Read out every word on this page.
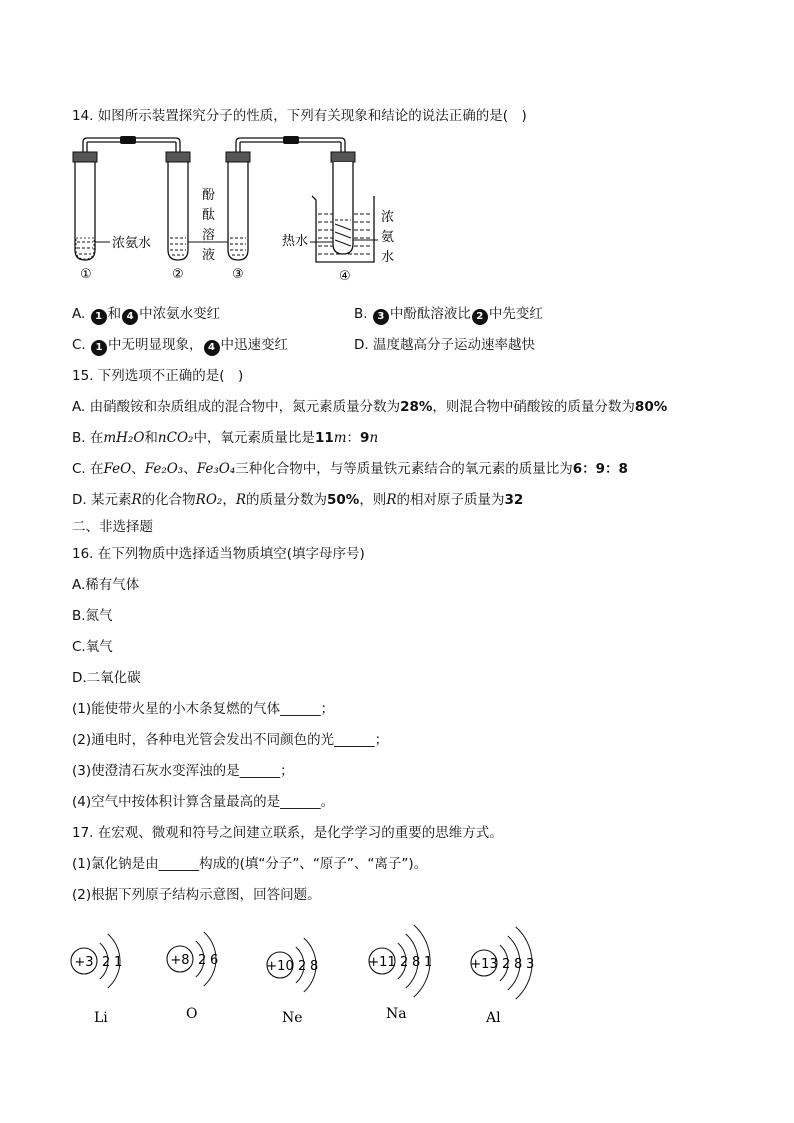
14. 如图所示装置探究分子的性质，下列有关现象和结论的说法正确的是(　)
浓氨水
酚
酞
溶
液
热水
浓
氨
水
①	②	③	④
A. 1 和 4 中浓氨水变红	B. 3 中酚酞溶液比 2 中先变红
C. 1 中无明显现象， 4 中迅速变红	D. 温度越高分子运动速率越快
15. 下列选项不正确的是(　)
A. 由硝酸铵和杂质组成的混合物中，氮元素质量分数为28%，则混合物中硝酸铵的质量分数为80%
B. 在mH₂O和nCO₂中，氧元素质量比是11m：9n
C. 在FeO、Fe₂O₃、Fe₃O₄三种化合物中，与等质量铁元素结合的氧元素的质量比为6：9：8
D. 某元素R的化合物RO₂，R的质量分数为50%，则R的相对原子质量为32
二、非选择题
16. 在下列物质中选择适当物质填空(填字母序号)
A.稀有气体
B.氮气
C.氧气
D.二氧化碳
(1)能使带火星的小木条复燃的气体______；
(2)通电时，各种电光管会发出不同颜色的光______；
(3)使澄清石灰水变浑浊的是______；
(4)空气中按体积计算含量最高的是______。
17. 在宏观、微观和符号之间建立联系，是化学学习的重要的思维方式。
(1)氯化钠是由______构成的(填“分子”、“原子”、“离子”)。
(2)根据下列原子结构示意图，回答问题。
+3 2 1
Li
+8 2 6
O
+10 2 8
Ne
+11 2 8 1
Na
+13 2 8 3
Al
